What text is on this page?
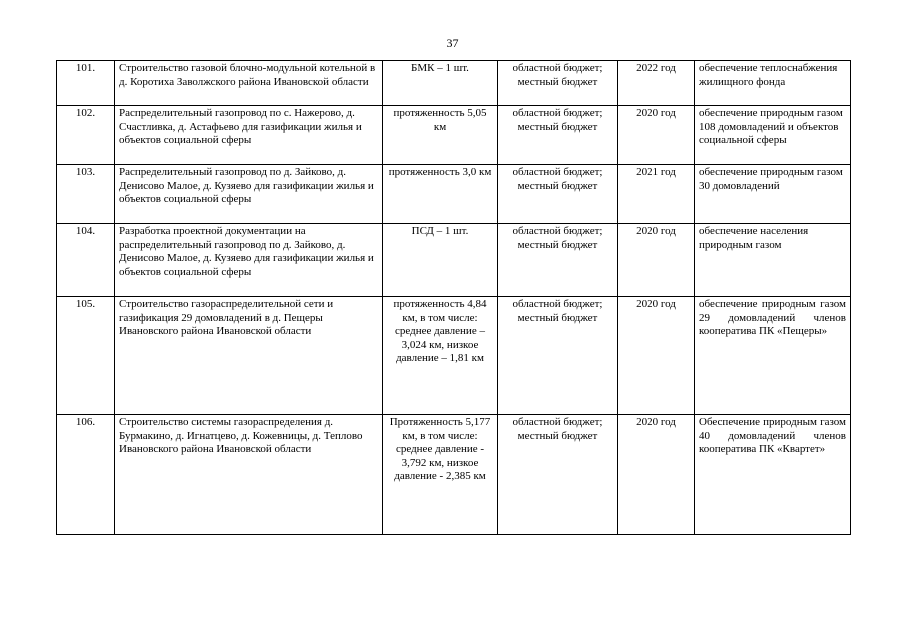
37
101.	Строительство газовой блочно-модульной котельной в д. Коротиха Заволжского района Ивановской области	БМК – 1 шт.	областной бюджет; местный бюджет	2022 год	обеспечение теплоснабжения жилищного фонда
102.	Распределительный газопровод по с. Нажерово, д. Счастливка, д. Астафьево для газификации жилья и объектов социальной сферы	протяженность 5,05 км	областной бюджет; местный бюджет	2020 год	обеспечение природным газом 108 домовладений и объектов социальной сферы
103.	Распределительный газопровод по д. Зайково, д. Денисово Малое, д. Кузяево для газификации жилья и объектов социальной сферы	протяженность 3,0 км	областной бюджет; местный бюджет	2021 год	обеспечение природным газом 30 домовладений
104.	Разработка проектной документации на распределительный газопровод по д. Зайково, д. Денисово Малое, д. Кузяево для газификации жилья и объектов социальной сферы	ПСД – 1 шт.	областной бюджет; местный бюджет	2020 год	обеспечение населения природным газом
105.	Строительство газораспределительной сети и газификация 29 домовладений в д. Пещеры Ивановского района Ивановской области	протяженность 4,84 км, в том числе: среднее давление – 3,024 км, низкое давление – 1,81 км	областной бюджет; местный бюджет	2020 год	обеспечение природным газом 29 домовладений членов кооператива ПК «Пещеры»
106.	Строительство системы газораспределения д. Бурмакино, д. Игнатцево, д. Кожевницы, д. Теплово Ивановского района Ивановской области	Протяженность 5,177 км, в том числе: среднее давление - 3,792 км, низкое давление - 2,385 км	областной бюджет; местный бюджет	2020 год	Обеспечение природным газом 40 домовладений членов кооператива ПК «Квартет»
